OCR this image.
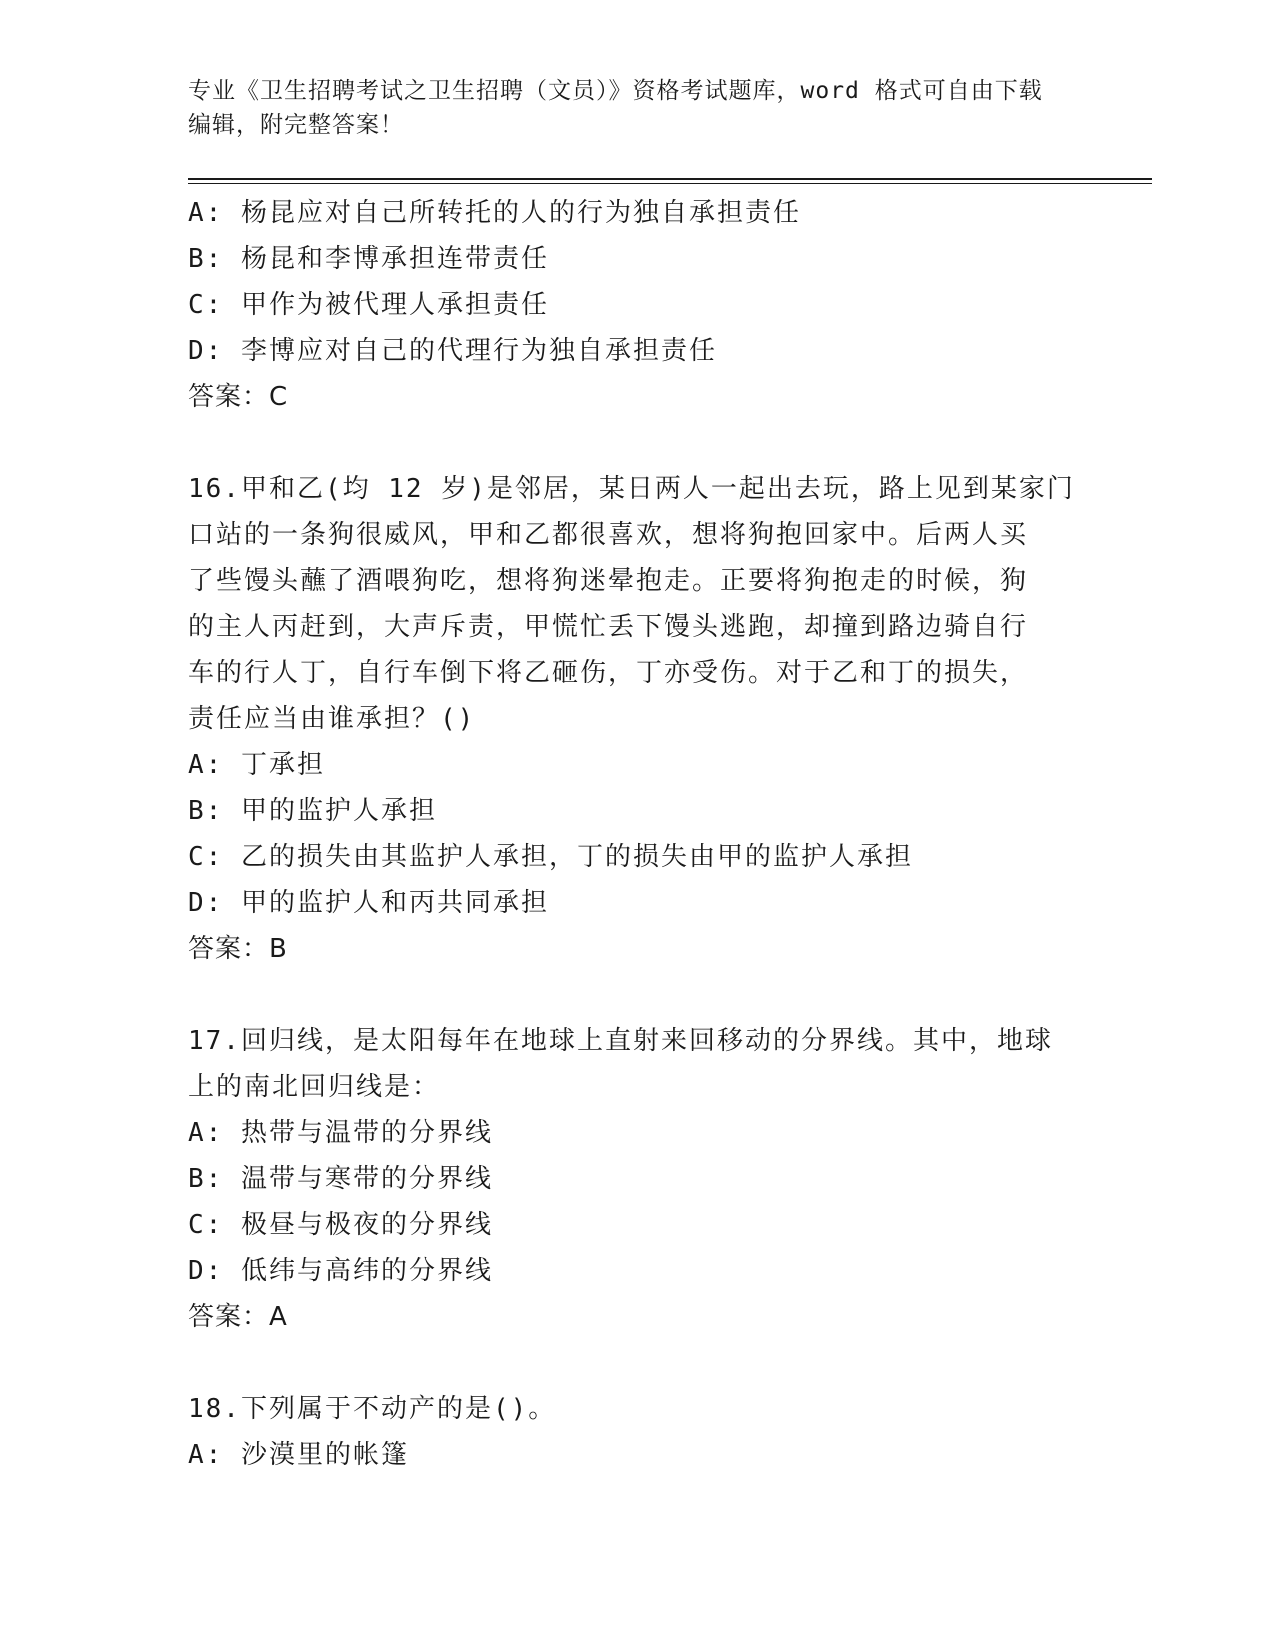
专业《卫生招聘考试之卫生招聘（文员）》资格考试题库，word 格式可自由下载
编辑，附完整答案！
A: 杨昆应对自己所转托的人的行为独自承担责任
B: 杨昆和李博承担连带责任
C: 甲作为被代理人承担责任
D: 李博应对自己的代理行为独自承担责任
答案：C
16.甲和乙(均 12 岁)是邻居，某日两人一起出去玩，路上见到某家门
口站的一条狗很威风，甲和乙都很喜欢，想将狗抱回家中。后两人买
了些馒头蘸了酒喂狗吃，想将狗迷晕抱走。正要将狗抱走的时候，狗
的主人丙赶到，大声斥责，甲慌忙丢下馒头逃跑，却撞到路边骑自行
车的行人丁，自行车倒下将乙砸伤，丁亦受伤。对于乙和丁的损失，
责任应当由谁承担？()
A: 丁承担
B: 甲的监护人承担
C: 乙的损失由其监护人承担，丁的损失由甲的监护人承担
D: 甲的监护人和丙共同承担
答案：B
17.回归线，是太阳每年在地球上直射来回移动的分界线。其中，地球
上的南北回归线是：
A: 热带与温带的分界线
B: 温带与寒带的分界线
C: 极昼与极夜的分界线
D: 低纬与高纬的分界线
答案：A
18.下列属于不动产的是()。
A: 沙漠里的帐篷
